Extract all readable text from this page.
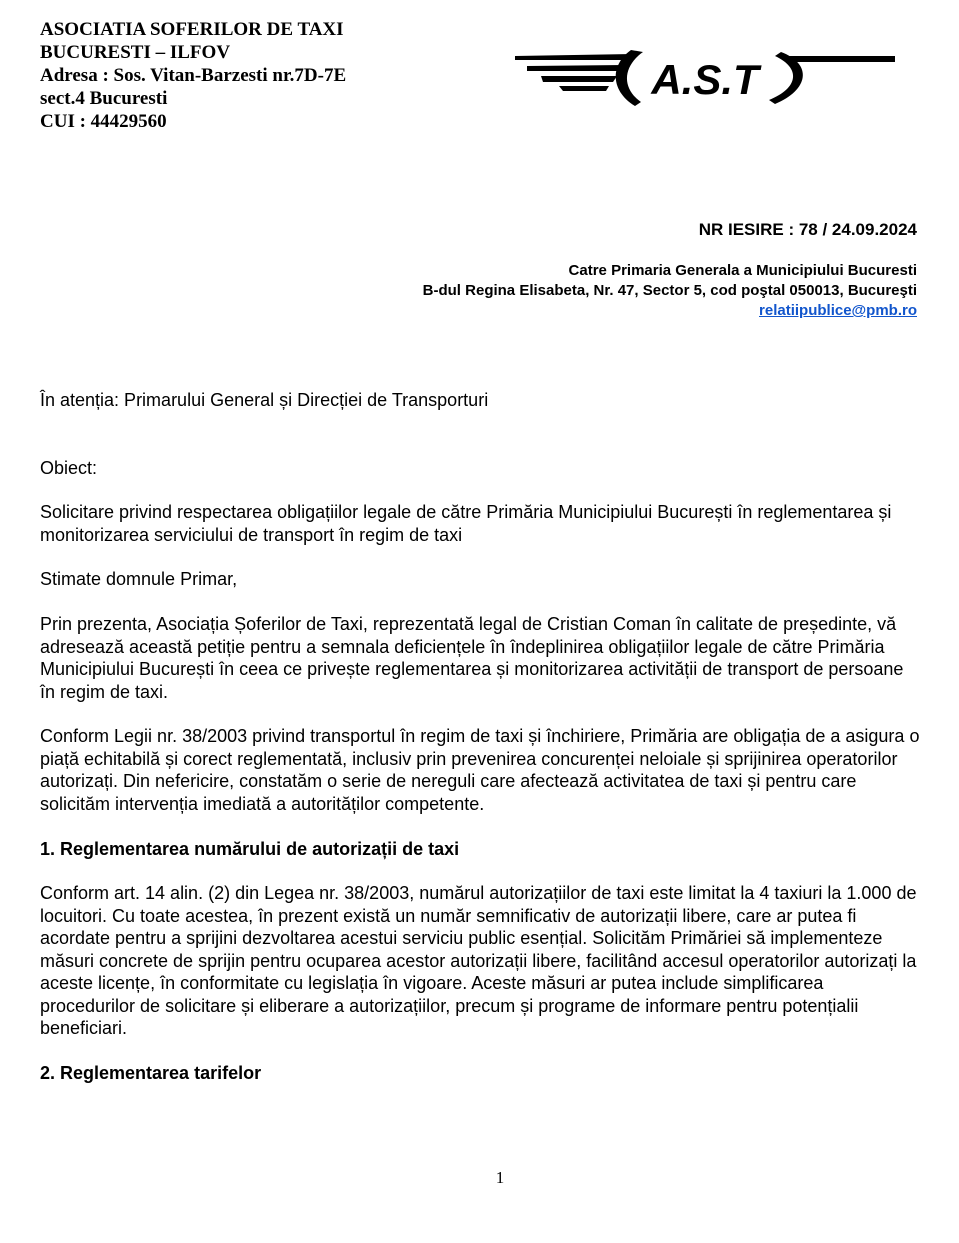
ASOCIATIA SOFERILOR DE TAXI
BUCURESTI – ILFOV
Adresa : Sos. Vitan-Barzesti nr.7D-7E
sect.4 Bucuresti
CUI : 44429560
A.S.T
NR IESIRE : 78 / 24.09.2024
Catre Primaria Generala a Municipiului Bucuresti
B-dul Regina Elisabeta, Nr. 47, Sector 5, cod poştal 050013, Bucureşti
relatiipublice@pmb.ro
În atenția: Primarului General și Direcției de Transporturi
Obiect:
Solicitare privind respectarea obligațiilor legale de către Primăria Municipiului București în reglementarea și monitorizarea serviciului de transport în regim de taxi
Stimate domnule Primar,
Prin prezenta, Asociația Șoferilor de Taxi, reprezentată legal de Cristian Coman în calitate de președinte, vă adresează această petiție pentru a semnala deficiențele în îndeplinirea obligațiilor legale de către Primăria Municipiului București în ceea ce privește reglementarea și monitorizarea activității de transport de persoane în regim de taxi.
Conform Legii nr. 38/2003 privind transportul în regim de taxi și închiriere, Primăria are obligația de a asigura o piață echitabilă și corect reglementată, inclusiv prin prevenirea concurenței neloiale și sprijinirea operatorilor autorizați. Din nefericire, constatăm o serie de nereguli care afectează activitatea de taxi și pentru care solicităm intervenția imediată a autorităților competente.
1. Reglementarea numărului de autorizații de taxi
Conform art. 14 alin. (2) din Legea nr. 38/2003, numărul autorizațiilor de taxi este limitat la 4 taxiuri la 1.000 de locuitori. Cu toate acestea, în prezent există un număr semnificativ de autorizații libere, care ar putea fi acordate pentru a sprijini dezvoltarea acestui serviciu public esențial. Solicităm Primăriei să implementeze măsuri concrete de sprijin pentru ocuparea acestor autorizații libere, facilitând accesul operatorilor autorizați la aceste licențe, în conformitate cu legislația în vigoare. Aceste măsuri ar putea include simplificarea procedurilor de solicitare și eliberare a autorizațiilor, precum și programe de informare pentru potențialii beneficiari.
2. Reglementarea tarifelor
1
